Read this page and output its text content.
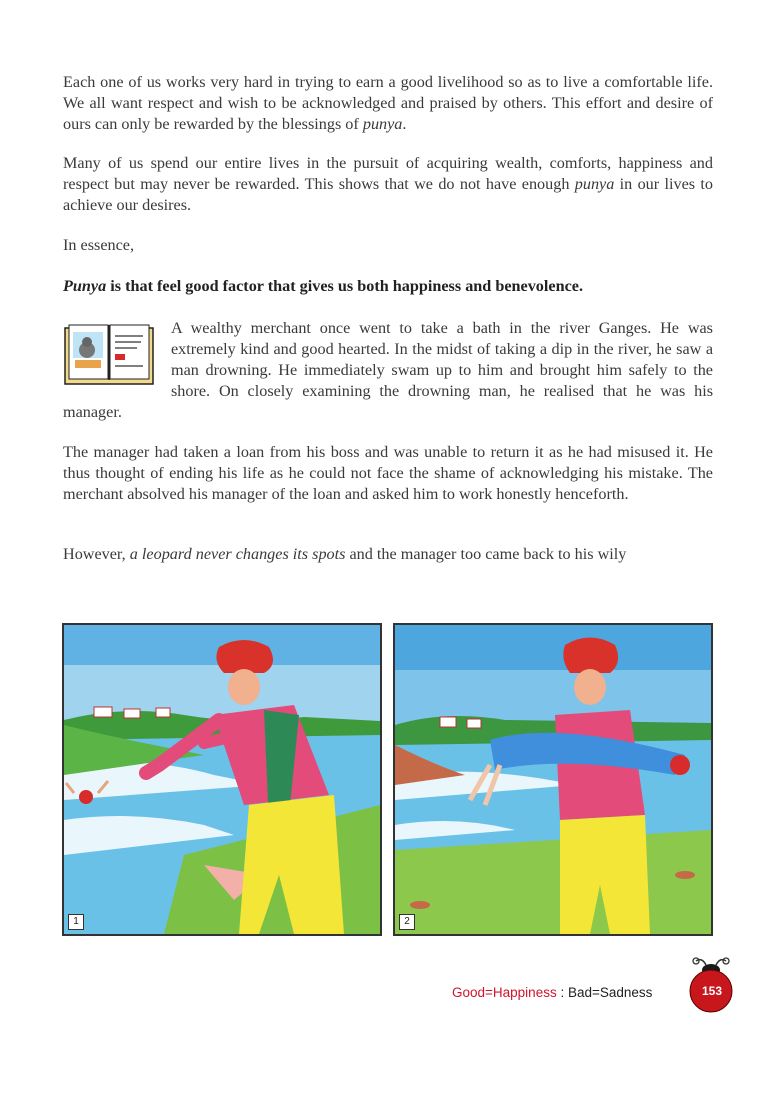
Each one of us works very hard in trying to earn a good livelihood so as to live a comfortable life. We all want respect and wish to be acknowledged and praised by others. This effort and desire of ours can only be rewarded by the blessings of punya.

Many of us spend our entire lives in the pursuit of acquiring wealth, comforts, happiness and respect but may never be rewarded. This shows that we do not have enough punya in our lives to achieve our desires.

In essence,

Punya is that feel good factor that gives us both happiness and benevolence.

A wealthy merchant once went to take a bath in the river Ganges. He was extremely kind and good hearted. In the midst of taking a dip in the river, he saw a man drowning. He immediately swam up to him and brought him safely to the shore. On closely examining the drowning man, he realised that he was his manager.

The manager had taken a loan from his boss and was unable to return it as he had misused it. He thus thought of ending his life as he could not face the shame of acknowledging his mistake. The merchant absolved his manager of the loan and asked him to work honestly henceforth.

However, a leopard never changes its spots and the manager too came back to his wily

1	2
Good=Happiness : Bad=Sadness	153
